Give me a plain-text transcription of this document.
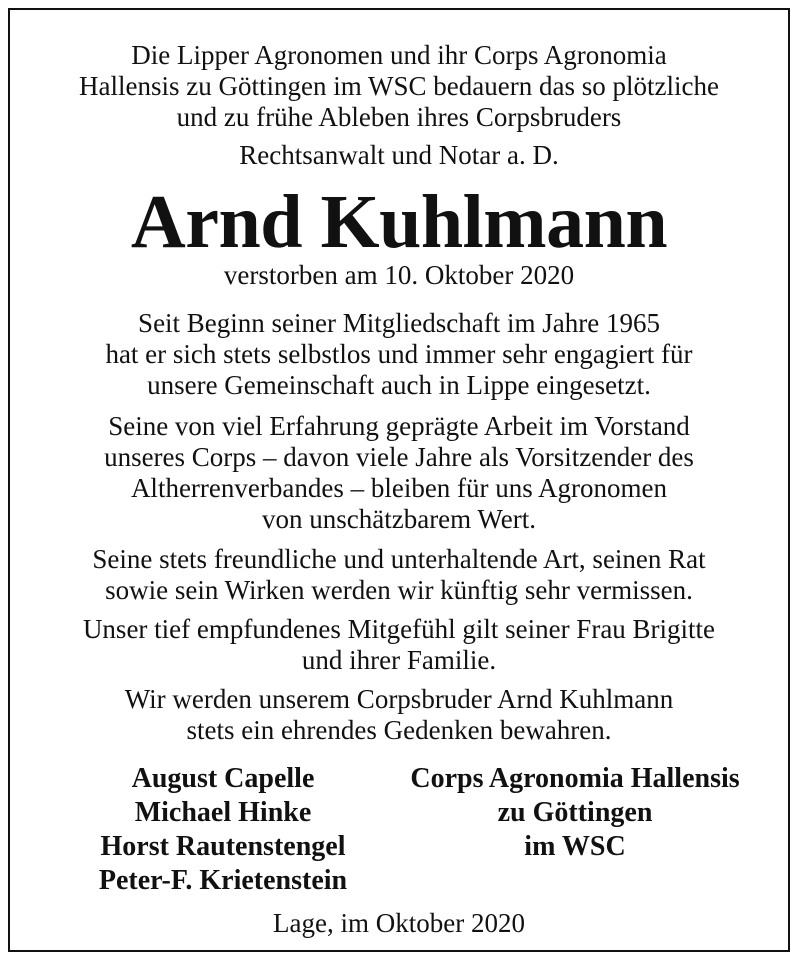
Die Lipper Agronomen und ihr Corps Agronomia
Hallensis zu Göttingen im WSC bedauern das so plötzliche
und zu frühe Ableben ihres Corpsbruders
Rechtsanwalt und Notar a. D.
Arnd Kuhlmann
verstorben am 10. Oktober 2020
Seit Beginn seiner Mitgliedschaft im Jahre 1965
hat er sich stets selbstlos und immer sehr engagiert für
unsere Gemeinschaft auch in Lippe eingesetzt.
Seine von viel Erfahrung geprägte Arbeit im Vorstand
unseres Corps – davon viele Jahre als Vorsitzender des
Altherrenverbandes – bleiben für uns Agronomen
von unschätzbarem Wert.
Seine stets freundliche und unterhaltende Art, seinen Rat
sowie sein Wirken werden wir künftig sehr vermissen.
Unser tief empfundenes Mitgefühl gilt seiner Frau Brigitte
und ihrer Familie.
Wir werden unserem Corpsbruder Arnd Kuhlmann
stets ein ehrendes Gedenken bewahren.
August Capelle
Michael Hinke
Horst Rautenstengel
Peter-F. Krietenstein
Corps Agronomia Hallensis
zu Göttingen
im WSC
Lage, im Oktober 2020
